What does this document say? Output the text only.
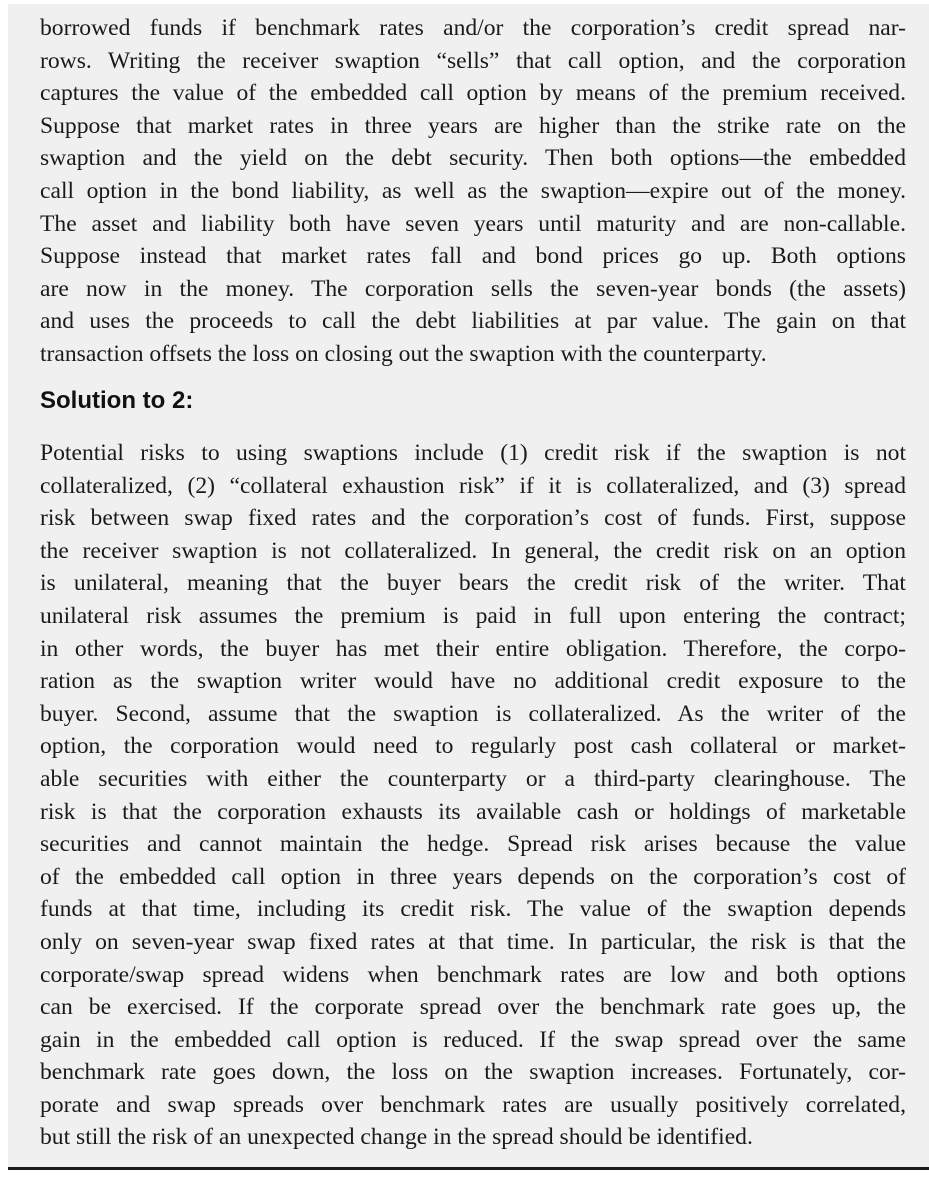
borrowed funds if benchmark rates and/or the corporation’s credit spread nar-
rows. Writing the receiver swaption “sells” that call option, and the corporation
captures the value of the embedded call option by means of the premium received.
Suppose that market rates in three years are higher than the strike rate on the
swaption and the yield on the debt security. Then both options—the embedded
call option in the bond liability, as well as the swaption—expire out of the money.
The asset and liability both have seven years until maturity and are non-callable.
Suppose instead that market rates fall and bond prices go up. Both options
are now in the money. The corporation sells the seven-year bonds (the assets)
and uses the proceeds to call the debt liabilities at par value. The gain on that
transaction offsets the loss on closing out the swaption with the counterparty.
Solution to 2:
Potential risks to using swaptions include (1) credit risk if the swaption is not
collateralized, (2) “collateral exhaustion risk” if it is collateralized, and (3) spread
risk between swap fixed rates and the corporation’s cost of funds. First, suppose
the receiver swaption is not collateralized. In general, the credit risk on an option
is unilateral, meaning that the buyer bears the credit risk of the writer. That
unilateral risk assumes the premium is paid in full upon entering the contract;
in other words, the buyer has met their entire obligation. Therefore, the corpo-
ration as the swaption writer would have no additional credit exposure to the
buyer. Second, assume that the swaption is collateralized. As the writer of the
option, the corporation would need to regularly post cash collateral or market-
able securities with either the counterparty or a third-party clearinghouse. The
risk is that the corporation exhausts its available cash or holdings of marketable
securities and cannot maintain the hedge. Spread risk arises because the value
of the embedded call option in three years depends on the corporation’s cost of
funds at that time, including its credit risk. The value of the swaption depends
only on seven-year swap fixed rates at that time. In particular, the risk is that the
corporate/swap spread widens when benchmark rates are low and both options
can be exercised. If the corporate spread over the benchmark rate goes up, the
gain in the embedded call option is reduced. If the swap spread over the same
benchmark rate goes down, the loss on the swaption increases. Fortunately, cor-
porate and swap spreads over benchmark rates are usually positively correlated,
but still the risk of an unexpected change in the spread should be identified.
